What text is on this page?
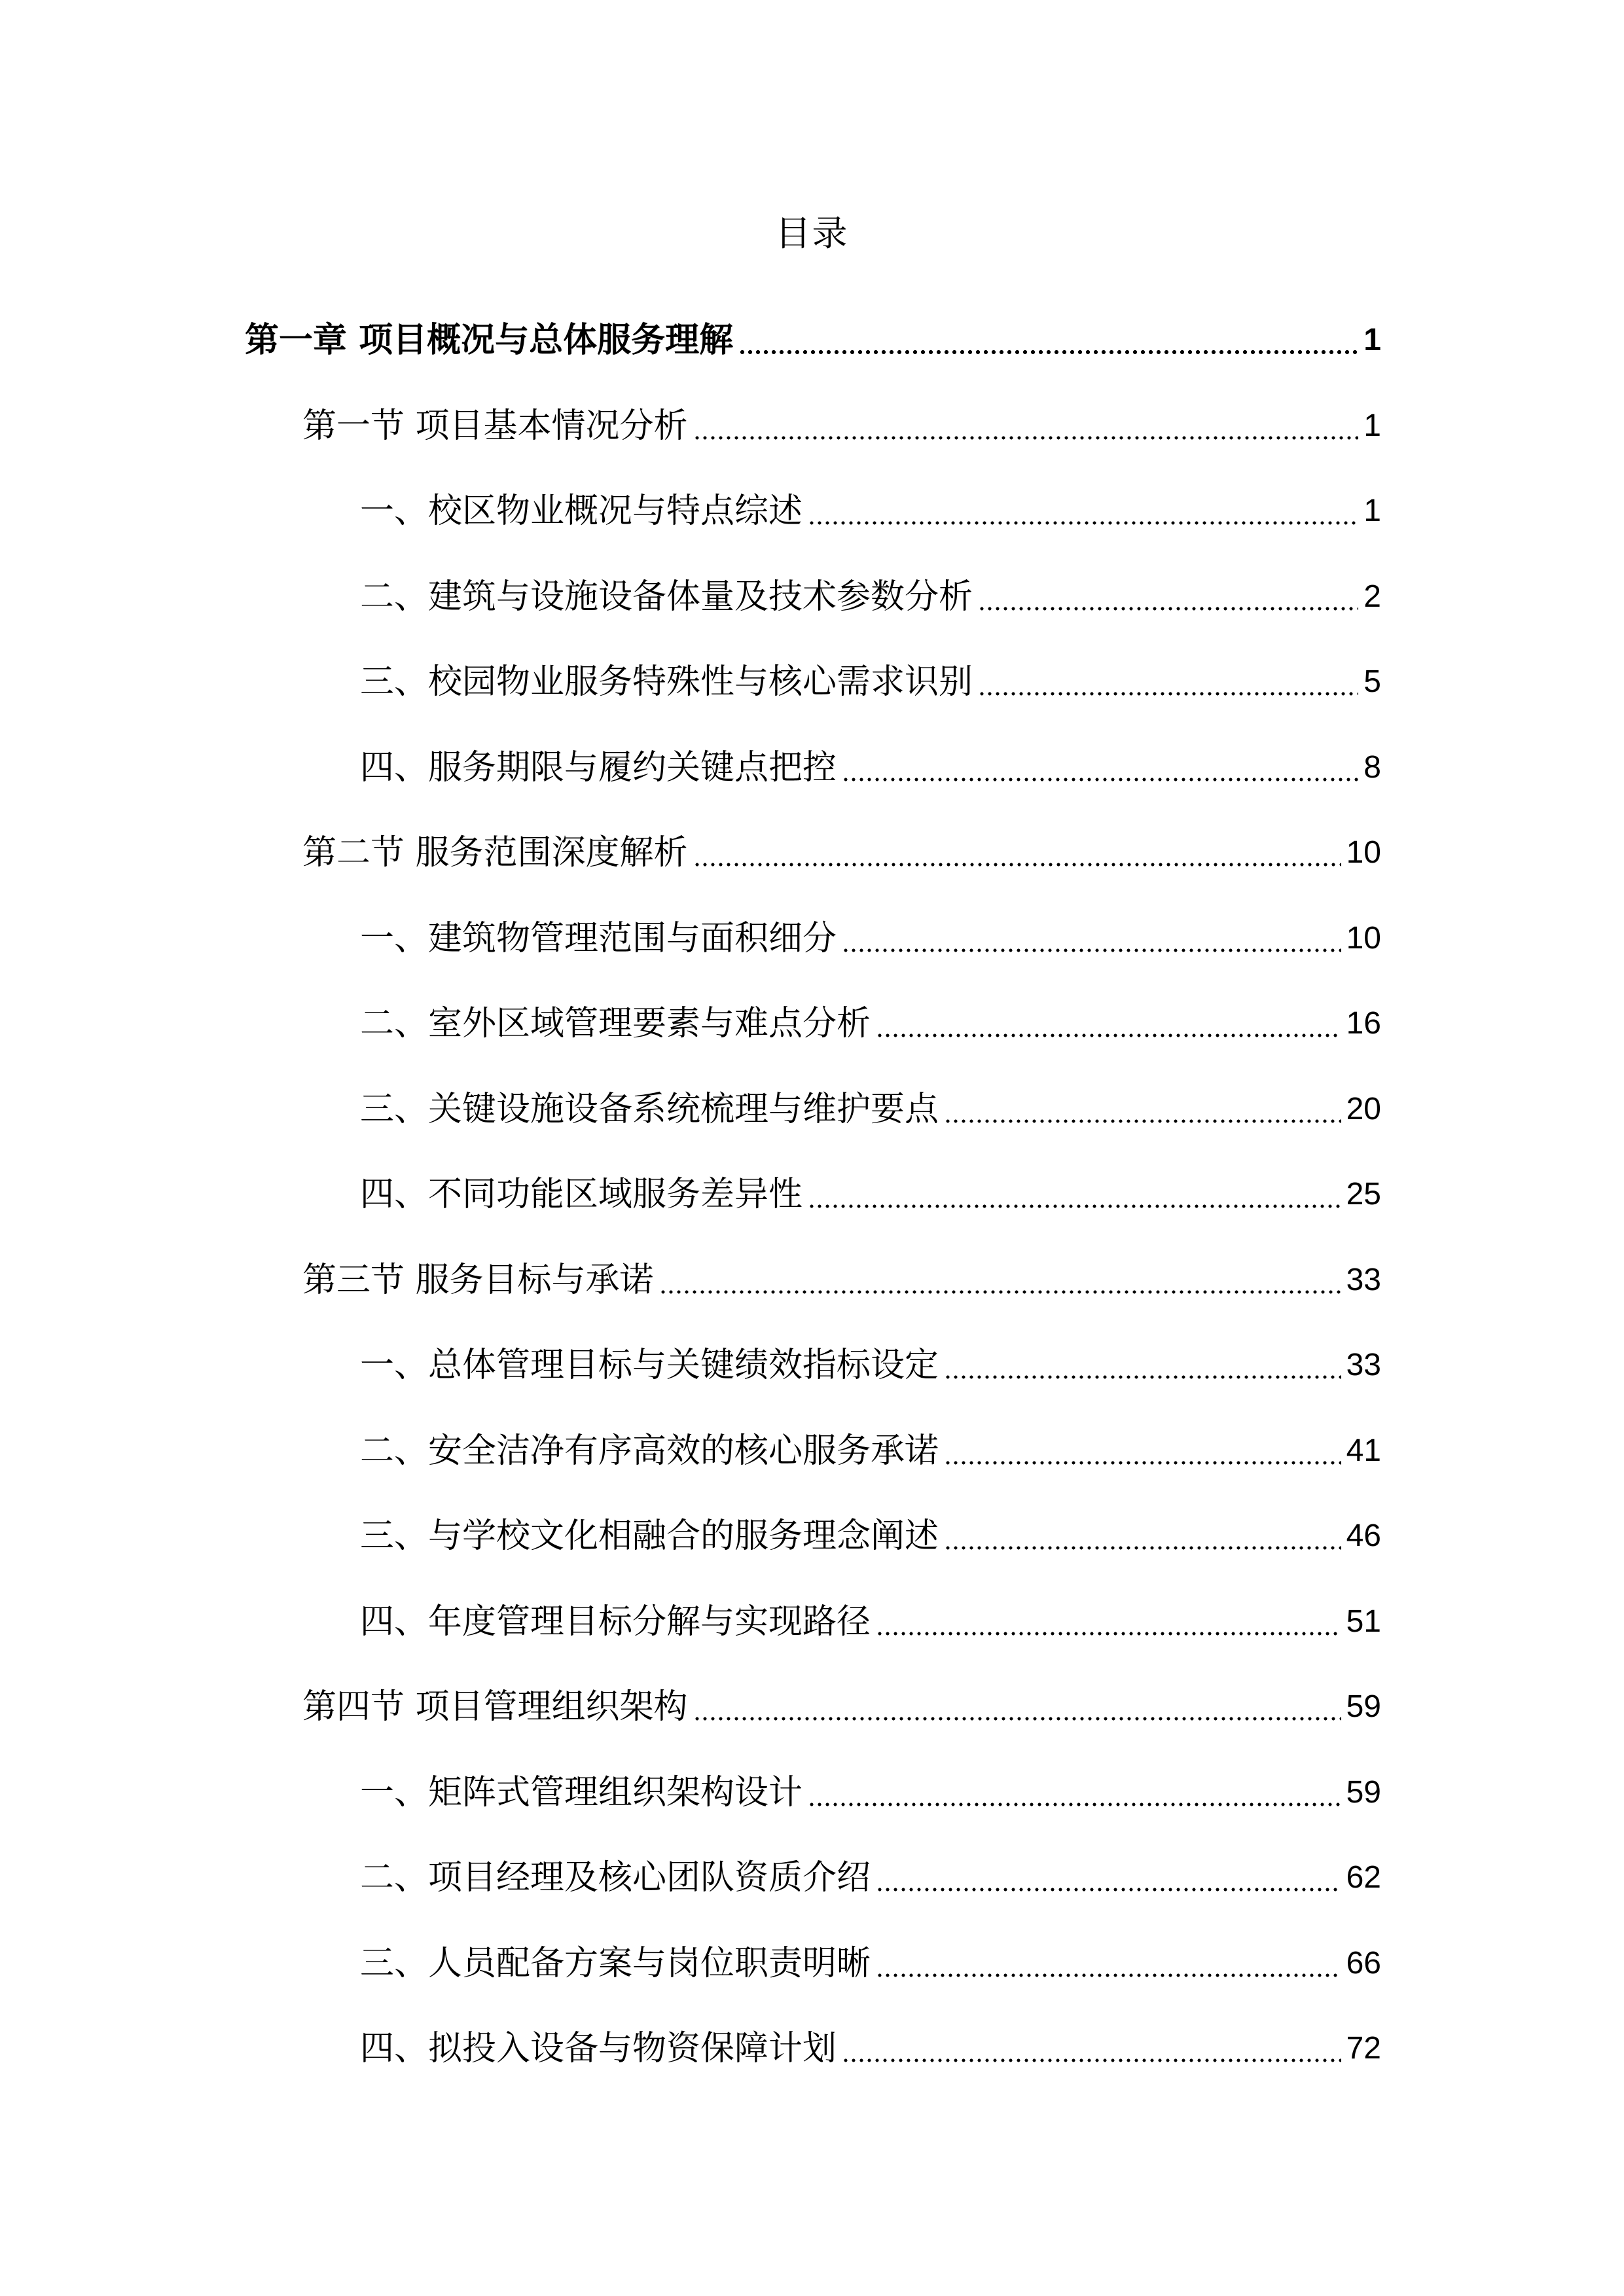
目录
第一章 项目概况与总体服务理解	1
第一节 项目基本情况分析	1
一、校区物业概况与特点综述	1
二、建筑与设施设备体量及技术参数分析	2
三、校园物业服务特殊性与核心需求识别	5
四、服务期限与履约关键点把控	8
第二节 服务范围深度解析	10
一、建筑物管理范围与面积细分	10
二、室外区域管理要素与难点分析	16
三、关键设施设备系统梳理与维护要点	20
四、不同功能区域服务差异性	25
第三节 服务目标与承诺	33
一、总体管理目标与关键绩效指标设定	33
二、安全洁净有序高效的核心服务承诺	41
三、与学校文化相融合的服务理念阐述	46
四、年度管理目标分解与实现路径	51
第四节 项目管理组织架构	59
一、矩阵式管理组织架构设计	59
二、项目经理及核心团队资质介绍	62
三、人员配备方案与岗位职责明晰	66
四、拟投入设备与物资保障计划	72
